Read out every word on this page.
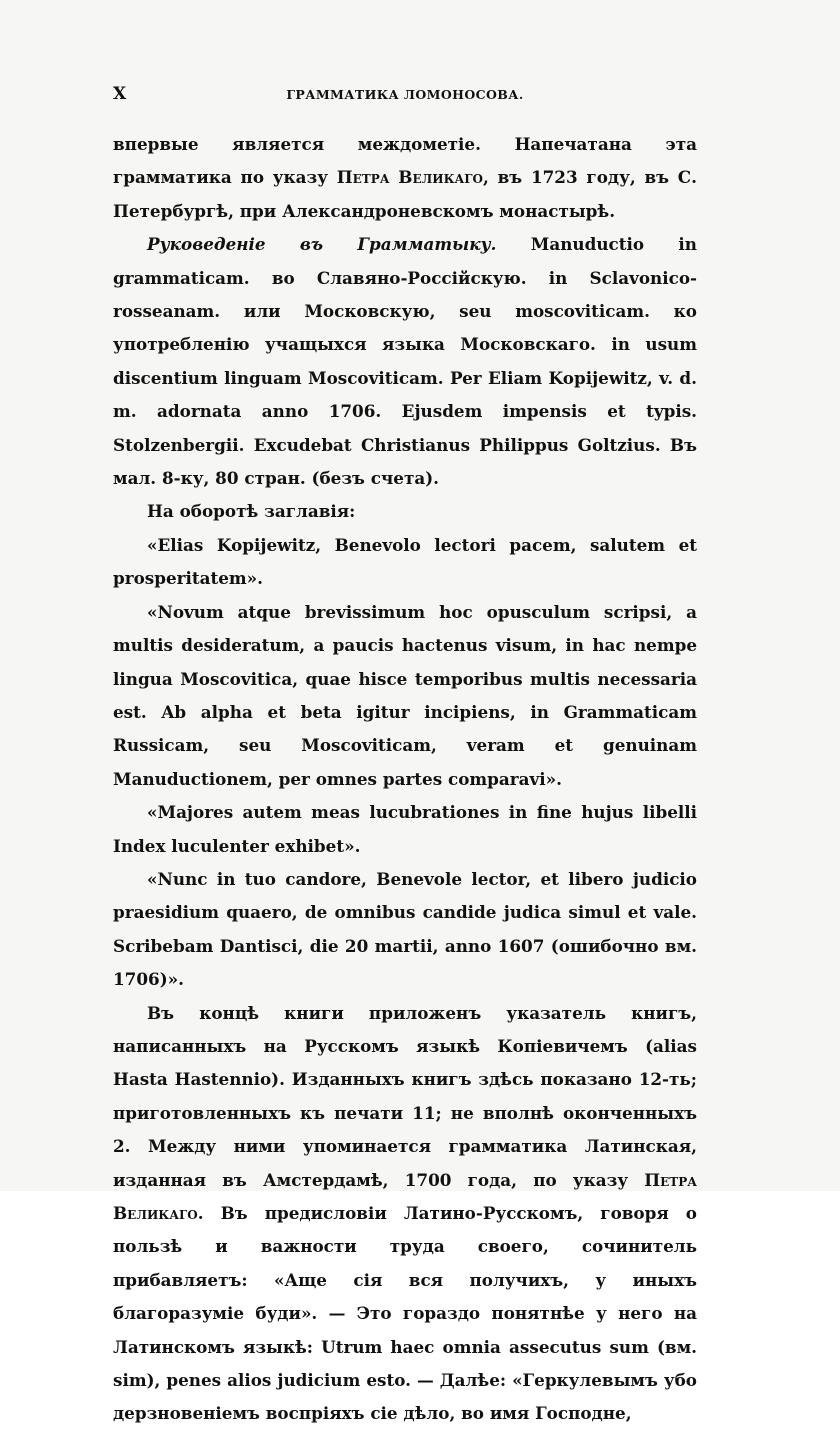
X	ГРАММАТИКА ЛОМОНОСОВА.

впервые является междометіе. Напечатана эта грамматика по указу Петра Великаго, въ 1723 году, въ С. Петербургѣ, при Александроневскомъ монастырѣ.

Руковеденіе въ Грамматыку. Manuductio in grammaticam. во Славяно-Россійскую. in Sclavonico-rosseanam. или Московскую, seu moscoviticam. ко употребленію учащыхся языка Московскаго. in usum discentium linguam Moscoviticam. Per Eliam Kopijewitz, v. d. m. adornata anno 1706. Ejusdem impensis et typis. Stolzenbergii. Excudebat Christianus Philippus Goltzius. Въ мал. 8-ку, 80 стран. (безъ счета).

На оборотѣ заглавія:

«Elias Kopijewitz, Benevolo lectori pacem, salutem et prosperitatem».

«Novum atque brevissimum hoc opusculum scripsi, a multis desideratum, a paucis hactenus visum, in hac nempe lingua Moscovitica, quae hisce temporibus multis necessaria est. Ab alpha et beta igitur incipiens, in Grammaticam Russicam, seu Moscoviticam, veram et genuinam Manuductionem, per omnes partes comparavi».

«Majores autem meas lucubrationes in fine hujus libelli Index luculenter exhibet».

«Nunc in tuo candore, Benevole lector, et libero judicio praesidium quaero, de omnibus candide judica simul et vale. Scribebam Dantisci, die 20 martii, anno 1607 (ошибочно вм. 1706)».

Въ концѣ книги приложенъ указатель книгъ, написанныхъ на Русскомъ языкѣ Копіевичемъ (alias Hasta Hastennio). Изданныхъ книгъ здѣсь показано 12-ть; приготовленныхъ къ печати 11; не вполнѣ оконченныхъ 2. Между ними упоминается грамматика Латинская, изданная въ Амстердамѣ, 1700 года, по указу Петра Великаго. Въ предисловіи Латино-Русскомъ, говоря о пользѣ и важности труда своего, сочинитель прибавляетъ: «Аще сія вся получихъ, у иныхъ благоразуміе буди». — Это гораздо понятнѣе у него на Латинскомъ языкѣ: Utrum haec omnia assecutus sum (вм. sim), penes alios judicium esto. — Далѣе: «Геркулевымъ убо дерзновеніемъ воспріяхъ сіе дѣло, во имя Господне,
